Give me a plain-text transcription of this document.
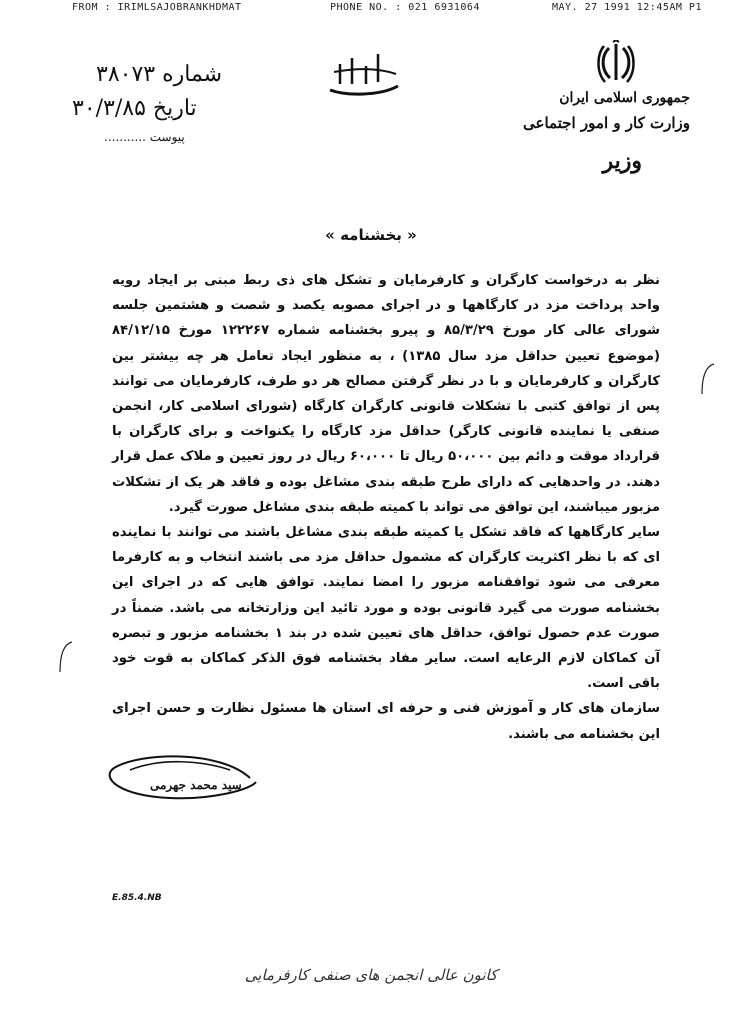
FROM : IRIMLSAJOBRANKHDMAT	PHONE NO. : 021 6931064	MAY. 27 1991 12:45AM P1
جمهوری اسلامی ایران
وزارت کار و امور اجتماعی
وزیر
شماره ۳۸۰۷۳
تاریخ ۳۰/۳/۸۵
پیوست ...........
« بخشنامه »

نظر به درخواست کارگران و کارفرمایان و تشکل های ذی ربط مبنی بر ایجاد رویه واحد پرداخت مزد در کارگاهها و در اجرای مصوبه یکصد و شصت و هشتمین جلسه شورای عالی کار مورخ ۸۵/۳/۲۹ و پیرو بخشنامه شماره ۱۲۲۲۶۷ مورخ ۸۴/۱۲/۱۵ (موضوع تعیین حداقل مزد سال ۱۳۸۵) ، به منظور ایجاد تعامل هر چه بیشتر بین کارگران و کارفرمایان و با در نظر گرفتن مصالح هر دو طرف، کارفرمایان می توانند پس از توافق کتبی با تشکلات قانونی کارگران کارگاه (شورای اسلامی کار، انجمن صنفی یا نماینده قانونی کارگر) حداقل مزد کارگاه را یکنواخت و برای کارگران با قرارداد موقت و دائم بین ۵۰،۰۰۰ ریال تا ۶۰،۰۰۰ ریال در روز تعیین و ملاک عمل قرار دهند. در واحدهایی که دارای طرح طبقه بندی مشاغل بوده و فاقد هر یک از تشکلات مزبور میباشند، این توافق می تواند با کمیته طبقه بندی مشاغل صورت گیرد.

سایر کارگاهها که فاقد تشکل یا کمیته طبقه بندی مشاغل باشند می توانند با نماینده ای که با نظر اکثریت کارگران که مشمول حداقل مزد می باشند انتخاب و به کارفرما معرفی می شود توافقنامه مزبور را امضا نمایند. توافق هایی که در اجرای این بخشنامه صورت می گیرد قانونی بوده و مورد تائید این وزارتخانه می باشد. ضمناً در صورت عدم حصول توافق، حداقل های تعیین شده در بند ۱ بخشنامه مزبور و تبصره آن کماکان لازم الرعایه است. سایر مفاد بخشنامه فوق الذکر کماکان به قوت خود باقی است.

سازمان های کار و آموزش فنی و حرفه ای استان ها مسئول نظارت و حسن اجرای این بخشنامه می باشند.

سید محمد جهرمی
E.85.4.NB
کانون عالی انجمن های صنفی کارفرمایی
